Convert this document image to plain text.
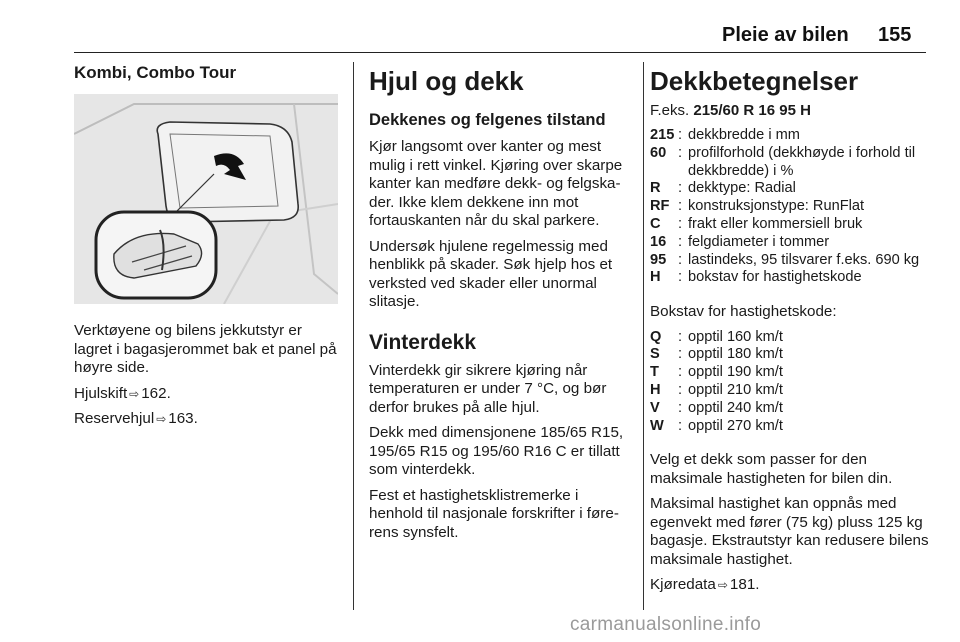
Pleie av bilen 155
Kombi, Combo Tour

Verktøyene og bilens jekkutstyr er lagret i bagasjerommet bak et panel på høyre side.

Hjulskift ⇨ 162.

Reservehjul ⇨ 163.

Hjul og dekk
Dekkenes og felgenes tilstand

Kjør langsomt over kanter og mest mulig i rett vinkel. Kjøring over skarpe kanter kan medføre dekk- og felgskader. Ikke klem dekkene inn mot fortauskanten når du skal parkere.

Undersøk hjulene regelmessig med henblikk på skader. Søk hjelp hos et verksted ved skader eller unormal slitasje.

Vinterdekk

Vinterdekk gir sikrere kjøring når temperaturen er under 7 °C, og bør derfor brukes på alle hjul.

Dekk med dimensjonene 185/65 R15, 195/65 R15 og 195/60 R16 C er tillatt som vinterdekk.

Fest et hastighetsklistremerke i henhold til nasjonale forskrifter i førerens synsfelt.

Dekkbetegnelser
F.eks. 215/60 R 16 95 H
215	:	dekkbredde i mm
60	:	profilforhold (dekkhøyde i forhold til dekkbredde) i %
R	:	dekktype: Radial
RF	:	konstruksjonstype: RunFlat
C	:	frakt eller kommersiell bruk
16	:	felgdiameter i tommer
95	:	lastindeks, 95 tilsvarer f.eks. 690 kg
H	:	bokstav for hastighetskode

Bokstav for hastighetskode:

Q	:	opptil 160 km/t
S	:	opptil 180 km/t
T	:	opptil 190 km/t
H	:	opptil 210 km/t
V	:	opptil 240 km/t
W	:	opptil 270 km/t

Velg et dekk som passer for den maksimale hastigheten for bilen din.

Maksimal hastighet kan oppnås med egenvekt med fører (75 kg) pluss 125 kg bagasje. Ekstrautstyr kan redusere bilens maksimale hastighet.

Kjøredata ⇨ 181.

carmanualsonline.info
